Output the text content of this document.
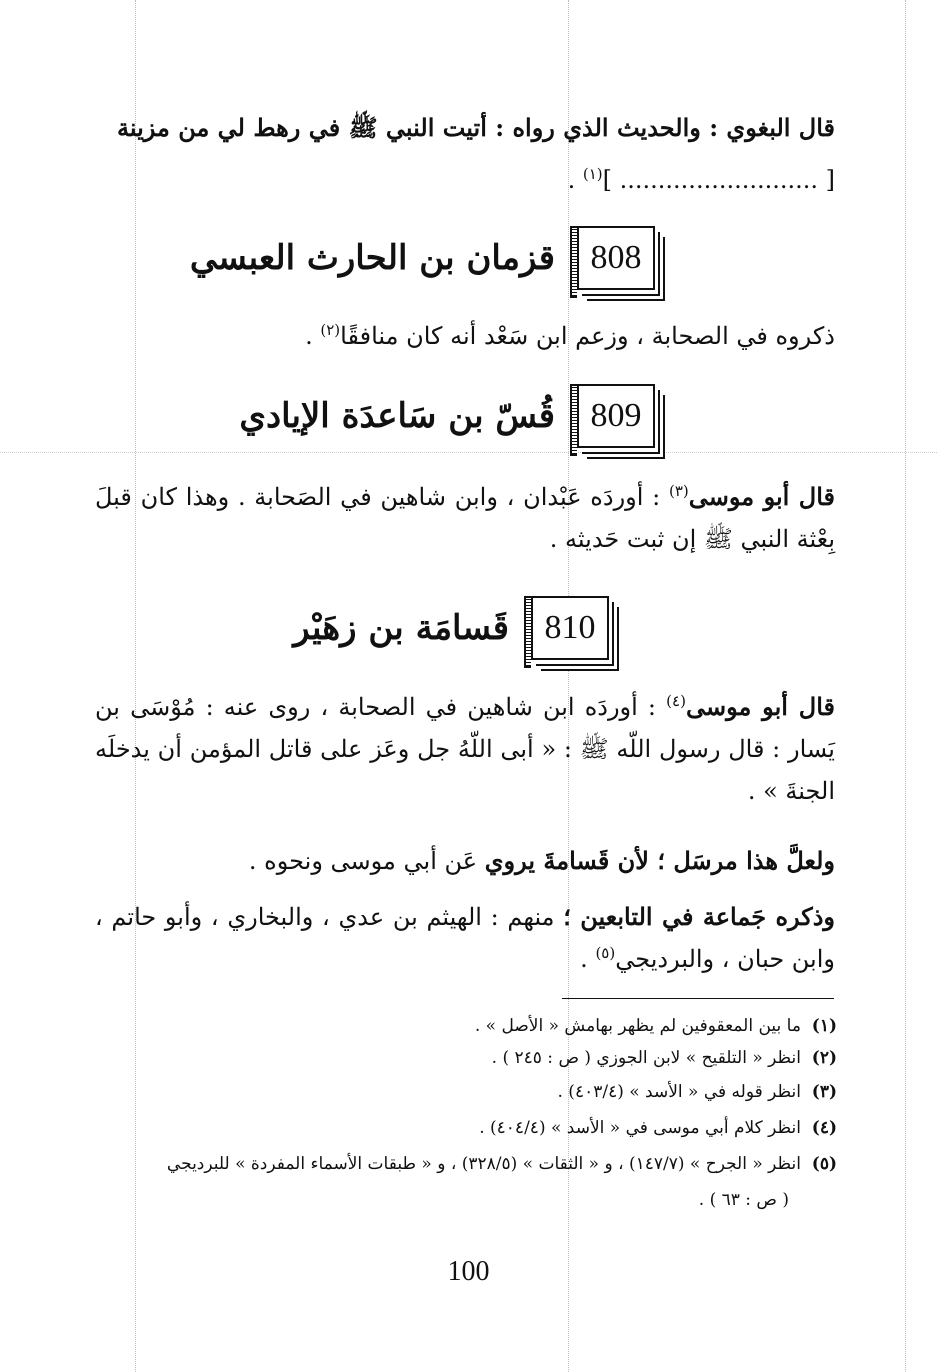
قال البغوي : والحديث الذي رواه : أتيت النبي ﷺ في رهط لي من مزينة
[ .......................... ]$^{(١)}$ .
808
قزمان بن الحارث العبسي
ذكروه في الصحابة ، وزعم ابن سَعْد أنه كان منافقًا$^{(٢)}$ .
809
قُسّ بن سَاعدَة الإيادي
قال أبو موسى$^{(٣)}$ : أوردَه عَبْدان ، وابن شاهين في الصَحابة . وهذا كان قبلَ بِعْثة النبي ﷺ إن ثبت حَديثه .
810
قَسامَة بن زهَيْر
قال أبو موسى$^{(٤)}$ : أوردَه ابن شاهين في الصحابة ، روى عنه : مُوْسَى بن يَسار : قال رسول اللّه ﷺ : « أبى اللّهُ جل وعَز على قاتل المؤمن أن يدخلَه الجنةَ » .
ولعلَّ هذا مرسَل ؛ لأن قَسامةَ يروي عَن أبي موسى ونحوه .
وذكره جَماعة في التابعين ؛ منهم : الهيثم بن عدي ، والبخاري ، وأبو حاتم ، وابن حبان ، والبرديجي$^{(٥)}$ .
(١)  ما بين المعقوفين لم يظهر بهامش « الأصل » .
(٢)  انظر « التلقيح » لابن الجوزي ( ص : ٢٤٥ ) .
(٣)  انظر قوله في « الأسد » (٤٠٣/٤) .
(٤)  انظر كلام أبي موسى في « الأسد » (٤٠٤/٤) .
(٥)  انظر « الجرح » (١٤٧/٧) ، و « الثقات » (٣٢٨/٥) ، و « طبقات الأسماء المفردة » للبرديجي
( ص : ٦٣ ) .
100
